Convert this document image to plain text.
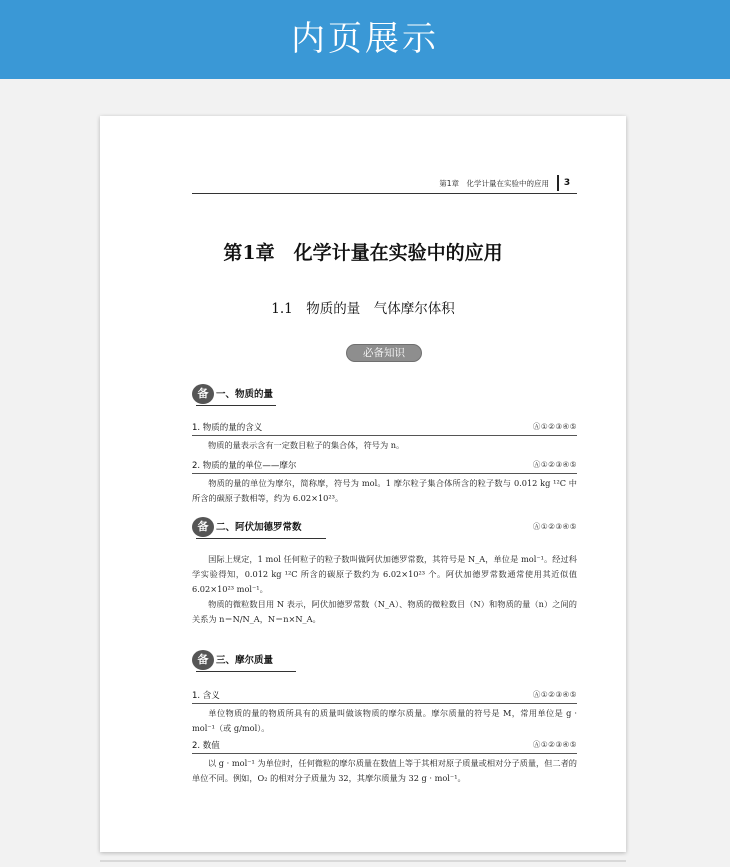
内页展示
第1章　化学计量在实验中的应用	3
第1章　化学计量在实验中的应用
1.1　物质的量　气体摩尔体积
必备知识
备 一、物质的量
1. 物质的量的含义	Ⓐ①②③④⑤
物质的量表示含有一定数目粒子的集合体，符号为 n。
2. 物质的量的单位——摩尔	Ⓐ①②③④⑤
物质的量的单位为摩尔，简称摩，符号为 mol。1 摩尔粒子集合体所含的粒子数与 0.012 kg ¹²C 中所含的碳原子数相等，约为 6.02×10²³。
备 二、阿伏加德罗常数	Ⓐ①②③④⑤
国际上规定，1 mol 任何粒子的粒子数叫做阿伏加德罗常数，其符号是 N_A，单位是 mol⁻¹。经过科学实验得知，0.012 kg ¹²C 所含的碳原子数约为 6.02×10²³ 个。阿伏加德罗常数通常使用其近似值 6.02×10²³ mol⁻¹。
物质的微粒数目用 N 表示，阿伏加德罗常数（N_A）、物质的微粒数目（N）和物质的量（n）之间的关系为 n＝N/N_A，N＝n×N_A。
备 三、摩尔质量
1. 含义	Ⓐ①②③④⑤
单位物质的量的物质所具有的质量叫做该物质的摩尔质量。摩尔质量的符号是 M，常用单位是 g · mol⁻¹（或 g/mol）。
2. 数值	Ⓐ①②③④⑤
以 g · mol⁻¹ 为单位时，任何微粒的摩尔质量在数值上等于其相对原子质量或相对分子质量，但二者的单位不同。例如，O₂ 的相对分子质量为 32，其摩尔质量为 32 g · mol⁻¹。
